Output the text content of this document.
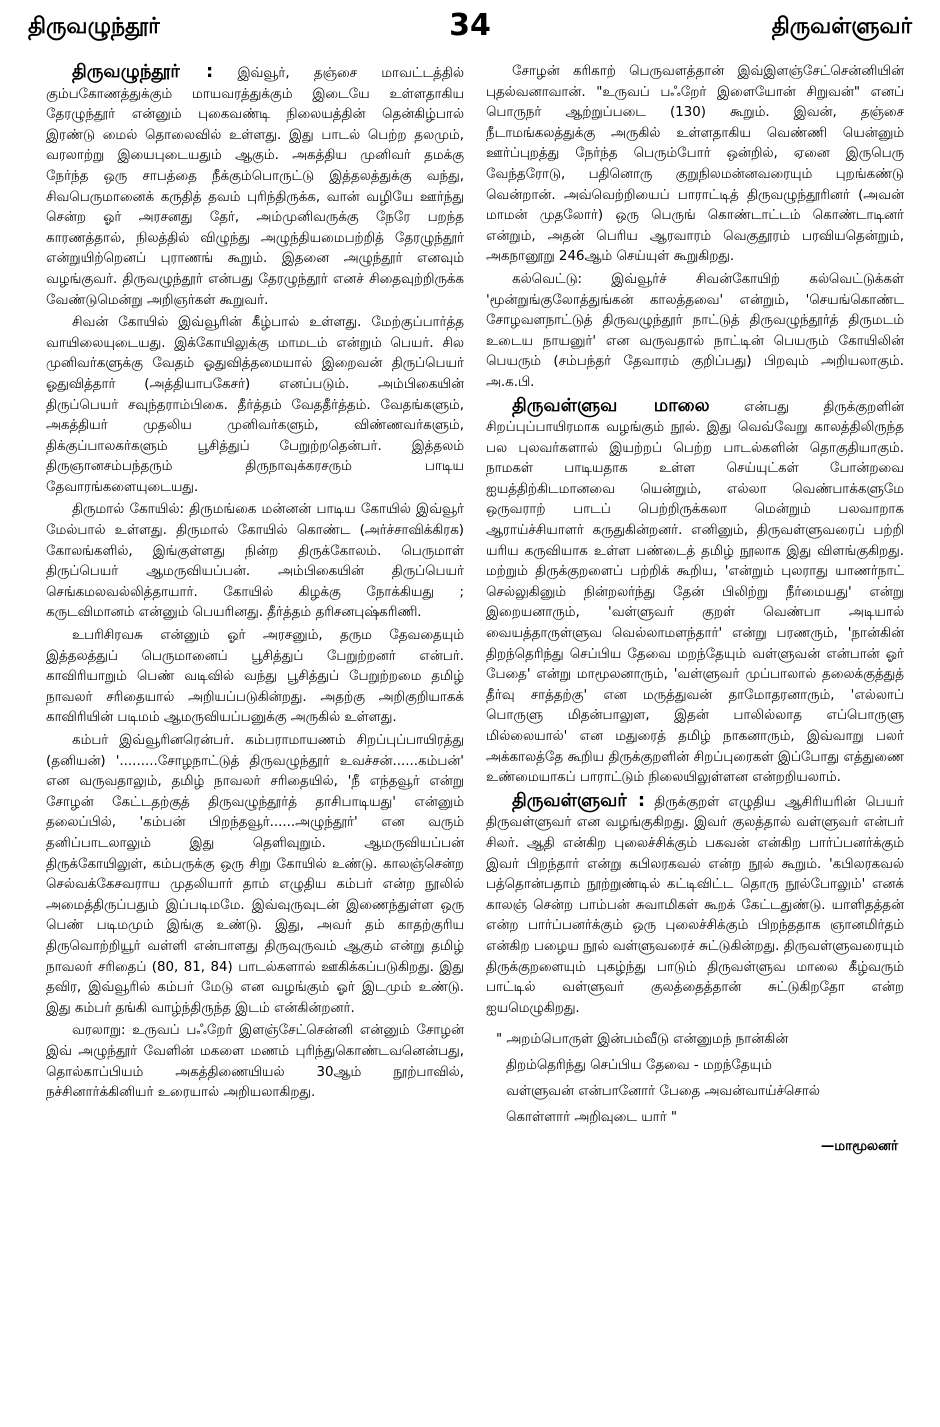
திருவழுந்தூர்	34	திருவள்ளுவர்

திருவழுந்தூர் : இவ்வூர், தஞ்சை மாவட்டத்தில் கும்பகோணத்துக்கும் மாயவரத்துக்கும் இடையே உள்ளதாகிய தேரழுந்தூர் என்னும் புகைவண்டி நிலையத்தின் தென்கிழ்பால் இரண்டு மைல் தொலைவில் உள்ளது. இது பாடல் பெற்ற தலமும், வரலாற்று இயைபுடையதும் ஆகும். அகத்திய முனிவர் தமக்கு நேர்ந்த ஒரு சாபத்தை நீக்கும்பொருட்டு இத்தலத்துக்கு வந்து, சிவபெருமானைக் கருதித் தவம் புரிந்திருக்க, வான் வழியே ஊர்ந்து சென்ற ஓர் அரசனது தேர், அம்முனிவருக்கு நேரே பறந்த காரணத்தால், நிலத்தில் விழுந்து அழுந்தியமைபற்றித் தேரழுந்தூர் என்றுயிற்றெனப் புராணங் கூறும். இதனை அழுந்தூர் எனவும் வழங்குவர். திருவழுந்தூர் என்பது தேரழுந்தூர் எனச் சிதைவுற்றிருக்க வேண்டுமென்று அறிஞர்கள் கூறுவர்.

சிவன் கோயில் இவ்வூரின் கீழ்பால் உள்ளது. மேற்குப்பார்த்த வாயிலையுடையது. இக்கோயிலுக்கு மாமடம் என்றும் பெயர். சில முனிவர்களுக்கு வேதம் ஓதுவித்தமையால் இறைவன் திருப்பெயர் ஓதுவித்தார் (அத்தியாபகேசர்) எனப்படும். அம்பிகையின் திருப்பெயர் சவுந்தராம்பிகை. தீர்த்தம் வேததீர்த்தம். வேதங்களும், அகத்தியர் முதலிய முனிவர்களும், விண்ணவர்களும், திக்குப்பாலகர்களும் பூசித்துப் பேறுற்றதென்பர். இத்தலம் திருஞானசம்பந்தரும் திருநாவுக்கரசரும் பாடிய தேவாரங்களையுடையது.

திருமால் கோயில்: திருமங்கை மன்னன் பாடிய கோயில் இவ்வூர் மேல்பால் உள்ளது. திருமால் கோயில் கொண்ட (அர்ச்சாவிக்கிரக) கோலங்களில், இங்குள்ளது நின்ற திருக்கோலம். பெருமாள் திருப்பெயர் ஆமருவியப்பன். அம்பிகையின் திருப்பெயர் செங்கமலவல்லித்தாயார். கோயில் கிழக்கு நோக்கியது ; கருடவிமானம் என்னும் பெயரினது. தீர்த்தம் தரிசனபுஷ்கரிணி.

உபரிசிரவசு என்னும் ஓர் அரசனும், தரும தேவதையும் இத்தலத்துப் பெருமானைப் பூசித்துப் பேறுற்றனர் என்பர். காவிரியாறும் பெண் வடிவில் வந்து பூசித்துப் பேறுற்றமை தமிழ் நாவலர் சரிதையால் அறியப்படுகின்றது. அதற்கு அறிகுறியாகக் காவிரியின் படிமம் ஆமருவியப்பனுக்கு அருகில் உள்ளது.

கம்பர் இவ்வூரினரென்பர். கம்பராமாயணம் சிறப்புப்பாயிரத்து (தனியன்) '.........சோழநாட்டுத் திருவழுந்தூர் உவச்சன்......கம்பன்' என வருவதாலும், தமிழ் நாவலர் சரிதையில், 'நீ எந்தவூர் என்று சோழன் கேட்டதற்குத் திருவழுந்தூர்த் தாசிபாடியது' என்னும் தலைப்பில், 'கம்பன் பிறந்தவூர்......அழுந்தூர்' என வரும் தனிப்பாடலாலும் இது தெளிவுறும். ஆமருவியப்பன் திருக்கோயிலுள், கம்பருக்கு ஒரு சிறு கோயில் உண்டு. காலஞ்சென்ற செல்வக்கேசவராய முதலியார் தாம் எழுதிய கம்பர் என்ற நூலில் அமைத்திருப்பதும் இப்படிமமே. இவ்வுருவுடன் இணைந்துள்ள ஒரு பெண் படிமமும் இங்கு உண்டு. இது, அவர் தம் காதற்குரிய திருவொற்றியூர் வள்ளி என்பாளது திருவுருவம் ஆகும் என்று தமிழ் நாவலர் சரிதைப் (80, 81, 84) பாடல்களால் ஊகிக்கப்படுகிறது. இது தவிர, இவ்வூரில் கம்பர் மேடு என வழங்கும் ஓர் இடமும் உண்டு. இது கம்பர் தங்கி வாழ்ந்திருந்த இடம் என்கின்றனர்.

வரலாறு: உருவப் பஃறேர் இளஞ்சேட்சென்னி என்னும் சோழன் இவ் அழுந்தூர் வேளின் மகளை மணம் புரிந்துகொண்டவனென்பது, தொல்காப்பியம் அகத்திணையியல் 30ஆம் நூற்பாவில், நச்சினார்க்கினியர் உரையால் அறியலாகிறது.

சோழன் கரிகாற் பெருவளத்தான் இவ்இளஞ்சேட்சென்னியின் புதல்வனாவான். "உருவப் பஃறேர் இளையோன் சிறுவன்" எனப் பொருநர் ஆற்றுப்படை (130) கூறும். இவன், தஞ்சை நீடாமங்கலத்துக்கு அருகில் உள்ளதாகிய வெண்ணி யென்னும் ஊர்ப்புறத்து நேர்ந்த பெரும்போர் ஒன்றில், ஏனை இருபெரு வேந்தரோடு, பதினொரு குறுநிலமன்னவரையும் புறங்கண்டு வென்றான். அவ்வெற்றியைப் பாராட்டித் திருவழுந்தூரினர் (அவன் மாமன் முதலோர்) ஒரு பெருங் கொண்டாட்டம் கொண்டாடினர் என்றும், அதன் பெரிய ஆரவாரம் வெகுதூரம் பரவியதென்றும், அகநானூறு 246ஆம் செய்யுள் கூறுகிறது.

கல்வெட்டு: இவ்வூர்ச் சிவன்கோயிற் கல்வெட்டுக்கள் 'மூன்றுங்குலோத்துங்கன் காலத்தவை' என்றும், 'செயங்கொண்ட சோழவளநாட்டுத் திருவழுந்தூர் நாட்டுத் திருவழுந்தூர்த் திருமடம் உடைய நாயனுர்' என வருவதால் நாட்டின் பெயரும் கோயிலின் பெயரும் (சம்பந்தர் தேவாரம் குறிப்பது) பிறவும் அறியலாகும். அ.க.பி.

திருவள்ளுவ மாலை	என்பது திருக்குறளின் சிறப்புப்பாயிரமாக வழங்கும் நூல். இது வெவ்வேறு காலத்திலிருந்த பல புலவர்களால் இயற்றப் பெற்ற பாடல்களின் தொகுதியாகும். நாமகள் பாடியதாக உள்ள செய்யுட்கள் போன்றவை ஐயத்திற்கிடமானவை யென்றும், எல்லா வெண்பாக்களுமே ஒருவராற் பாடப் பெற்றிருக்கலா மென்றும் பலவாறாக ஆராய்ச்சியாளர் கருதுகின்றனர். எனினும், திருவள்ளுவரைப் பற்றி யரிய கருவியாக உள்ள பண்டைத் தமிழ் நூலாக இது விளங்குகிறது. மற்றும் திருக்குறளைப் பற்றிக் கூறிய, 'என்றும் புலராது யாணர்நாட் செல்லுகினும் நின்றலர்ந்து தேன் பிலிற்று நீர்மையது' என்று இறையனாரும், 'வள்ளுவர் குறள் வெண்பா அடியால் வையத்தாருள்ளுவ வெல்லாமளந்தார்' என்று பரணரும், 'நான்கின் திறந்தெரிந்து செப்பிய தேவை மறந்தேயும் வள்ளுவன் என்பான் ஓர் பேதை' என்று மாமூலனாரும், 'வள்ளுவர் முப்பாலால் தலைக்குத்துத் தீர்வு சாத்தற்கு' என மருத்துவன் தாமோதரனாரும், 'எல்லாப் பொருளு மிதன்பாலுள, இதன் பாலில்லாத எப்பொருளு மில்லையால்' என மதுரைத் தமிழ் நாகனாரும், இவ்வாறு பலர் அக்காலத்தே கூறிய திருக்குறளின் சிறப்புரைகள் இப்போது எத்துணை உண்மையாகப் பாராட்டும் நிலையிலுள்ளன என்றறியலாம்.

திருவள்ளுவர் : திருக்குறள் எழுதிய ஆசிரியரின் பெயர் திருவள்ளுவர் என வழங்குகிறது. இவர் குலத்தால் வள்ளுவர் என்பர் சிலர். ஆதி என்கிற புலைச்சிக்கும் பகவன் என்கிற பார்ப்பனர்க்கும் இவர் பிறந்தார் என்று கபிலரகவல் என்ற நூல் கூறும். 'கபிலரகவல் பத்தொன்பதாம் நூற்றுண்டில் கட்டிவிட்ட தொரு நூல்போலும்' எனக் காலஞ் சென்ற பாம்பன் சுவாமிகள் கூறக் கேட்டதுண்டு. யாளிதத்தன் என்ற பார்ப்பனர்க்கும் ஒரு புலைச்சிக்கும் பிறந்ததாக ஞானமிர்தம் என்கிற பழைய நூல் வள்ளுவரைச் சுட்டுகின்றது. திருவள்ளுவரையும் திருக்குறளையும் புகழ்ந்து பாடும் திருவள்ளுவ மாலை கீழ்வரும் பாட்டில் வள்ளுவர் குலத்தைத்தான் சுட்டுகிறதோ என்ற ஐயமெழுகிறது.

" அறம்பொருள் இன்பம்வீடு என்னுமந் நான்கின்
திறம்தெரிந்து செப்பிய தேவை - மறந்தேயும்
வள்ளுவன் என்பானோர் பேதை அவன்வாய்ச்சொல்
கொள்ளார் அறிவுடை யார் "
—மாமூலனர்
